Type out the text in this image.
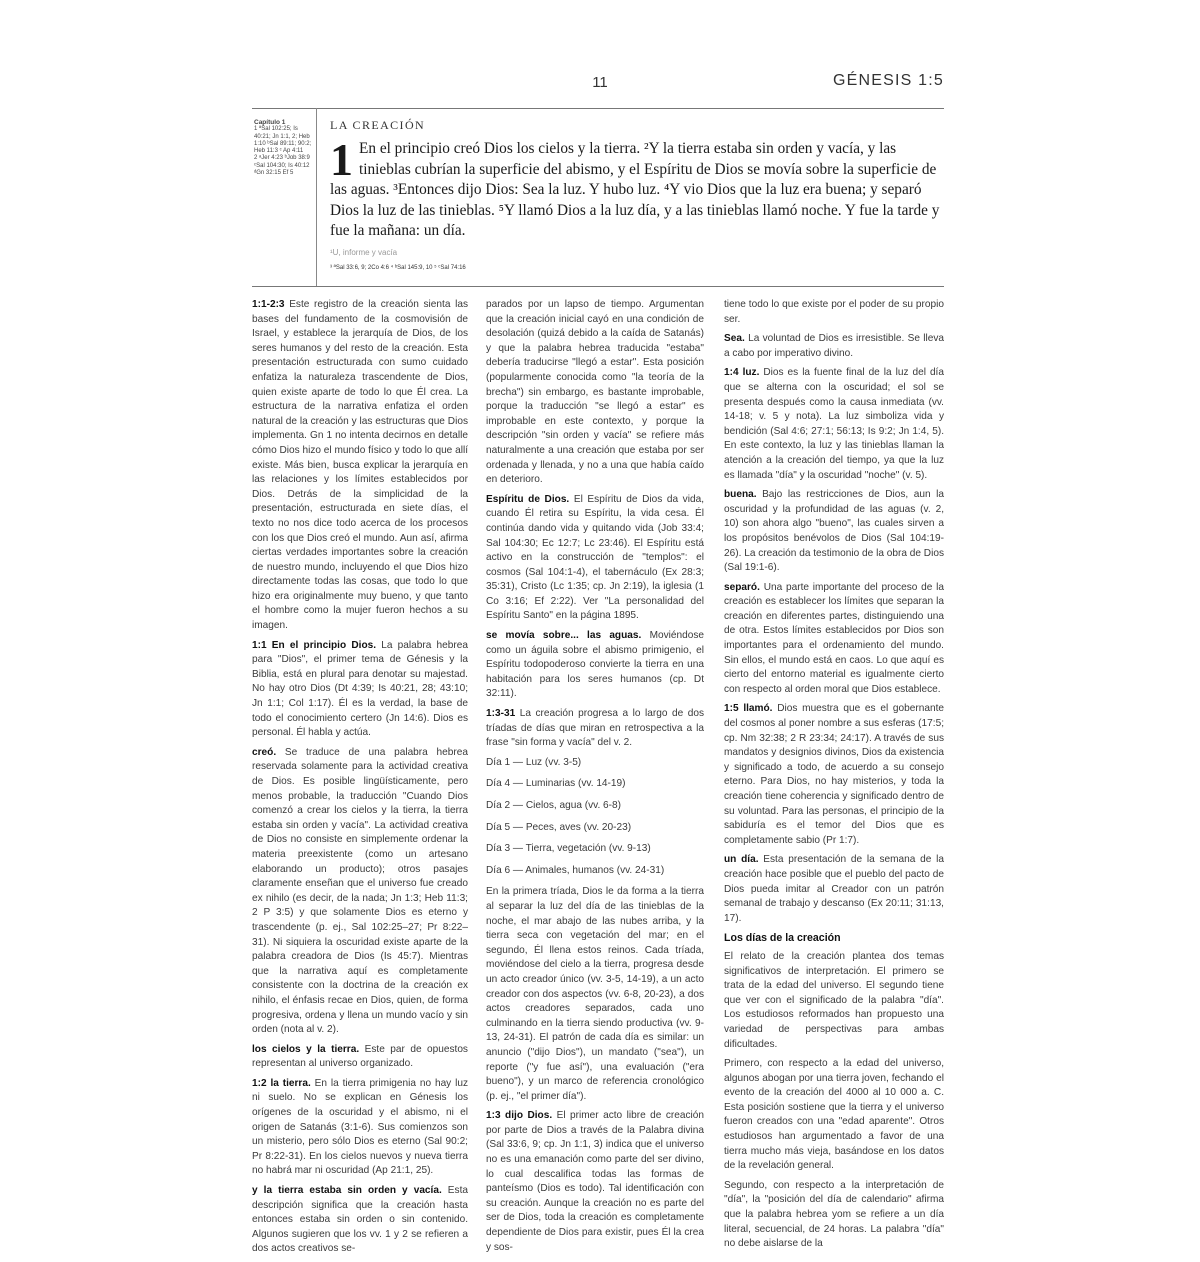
11	GÉNESIS 1:5
Capítulo 1
1 ªSal 102:25; Is 40:21; Jn 1:1, 2; Heb 1:10 ᵇSal 89:11; 90:2; Heb 11:3 ᶜ Ap 4:11
2 ᵃJer 4:23 ᵇJob 38:9 ᶜSal 104:30; Is 40:12 ᵈGn 32:15 Ef 5
LA CREACIÓN

1 En el principio creó Dios los cielos y la tierra. ²Y la tierra estaba sin orden y vacía, y las tinieblas cubrían la superficie del abismo, y el Espíritu de Dios se movía sobre la superficie de las aguas. ³Entonces dijo Dios: Sea la luz. Y hubo luz. ⁴Y vio Dios que la luz era buena; y separó Dios la luz de las tinieblas. ⁵Y llamó Dios a la luz día, y a las tinieblas llamó noche. Y fue la tarde y fue la mañana: un día.

¹U, informe y vacía
³ ªSal 33:6, 9; 2Co 4:6 ⁴ ᵇSal 145:9, 10 ⁵ ᶜSal 74:16

1:1-2:3 Este registro de la creación sienta las bases del fundamento de la cosmovisión de Israel, y establece la jerarquía de Dios, de los seres humanos y del resto de la creación. Esta presentación estructurada con sumo cuidado enfatiza la naturaleza trascendente de Dios, quien existe aparte de todo lo que Él crea. La estructura de la narrativa enfatiza el orden natural de la creación y las estructuras que Dios implementa. Gn 1 no intenta decirnos en detalle cómo Dios hizo el mundo físico y todo lo que allí existe. Más bien, busca explicar la jerarquía en las relaciones y los límites establecidos por Dios. Detrás de la simplicidad de la presentación, estructurada en siete días, el texto no nos dice todo acerca de los procesos con los que Dios creó el mundo. Aun así, afirma ciertas verdades importantes sobre la creación de nuestro mundo, incluyendo el que Dios hizo directamente todas las cosas, que todo lo que hizo era originalmente muy bueno, y que tanto el hombre como la mujer fueron hechos a su imagen.

1:1 En el principio Dios. La palabra hebrea para "Dios", el primer tema de Génesis y la Biblia, está en plural para denotar su majestad. No hay otro Dios (Dt 4:39; Is 40:21, 28; 43:10; Jn 1:1; Col 1:17). Él es la verdad, la base de todo el conocimiento certero (Jn 14:6). Dios es personal. Él habla y actúa.

creó. Se traduce de una palabra hebrea reservada solamente para la actividad creativa de Dios. Es posible lingüísticamente, pero menos probable, la traducción "Cuando Dios comenzó a crear los cielos y la tierra, la tierra estaba sin orden y vacía". La actividad creativa de Dios no consiste en simplemente ordenar la materia preexistente (como un artesano elaborando un producto); otros pasajes claramente enseñan que el universo fue creado ex nihilo (es decir, de la nada; Jn 1:3; Heb 11:3; 2 P 3:5) y que solamente Dios es eterno y trascendente (p. ej., Sal 102:25–27; Pr 8:22–31). Ni siquiera la oscuridad existe aparte de la palabra creadora de Dios (Is 45:7). Mientras que la narrativa aquí es completamente consistente con la doctrina de la creación ex nihilo, el énfasis recae en Dios, quien, de forma progresiva, ordena y llena un mundo vacío y sin orden (nota al v. 2).

los cielos y la tierra. Este par de opuestos representan al universo organizado.

1:2 la tierra. En la tierra primigenia no hay luz ni suelo. No se explican en Génesis los orígenes de la oscuridad y el abismo, ni el origen de Satanás (3:1-6). Sus comienzos son un misterio, pero sólo Dios es eterno (Sal 90:2; Pr 8:22-31). En los cielos nuevos y nueva tierra no habrá mar ni oscuridad (Ap 21:1, 25).

y la tierra estaba sin orden y vacía. Esta descripción significa que la creación hasta entonces estaba sin orden o sin contenido. Algunos sugieren que los vv. 1 y 2 se refieren a dos actos creativos se-

parados por un lapso de tiempo. Argumentan que la creación inicial cayó en una condición de desolación (quizá debido a la caída de Satanás) y que la palabra hebrea traducida "estaba" debería traducirse "llegó a estar". Esta posición (popularmente conocida como "la teoría de la brecha") sin embargo, es bastante improbable, porque la traducción "se llegó a estar" es improbable en este contexto, y porque la descripción "sin orden y vacía" se refiere más naturalmente a una creación que estaba por ser ordenada y llenada, y no a una que había caído en deterioro.

Espíritu de Dios. El Espíritu de Dios da vida, cuando Él retira su Espíritu, la vida cesa. Él continúa dando vida y quitando vida (Job 33:4; Sal 104:30; Ec 12:7; Lc 23:46). El Espíritu está activo en la construcción de "templos": el cosmos (Sal 104:1-4), el tabernáculo (Ex 28:3; 35:31), Cristo (Lc 1:35; cp. Jn 2:19), la iglesia (1 Co 3:16; Ef 2:22). Ver "La personalidad del Espíritu Santo" en la página 1895.

se movía sobre... las aguas. Moviéndose como un águila sobre el abismo primigenio, el Espíritu todopoderoso convierte la tierra en una habitación para los seres humanos (cp. Dt 32:11).

1:3-31 La creación progresa a lo largo de dos tríadas de días que miran en retrospectiva a la frase "sin forma y vacía" del v. 2.

Día 1 — Luz (vv. 3-5)
Día 4 — Luminarias (vv. 14-19)
Día 2 — Cielos, agua (vv. 6-8)
Día 5 — Peces, aves (vv. 20-23)
Día 3 — Tierra, vegetación (vv. 9-13)
Día 6 — Animales, humanos (vv. 24-31)

En la primera tríada, Dios le da forma a la tierra al separar la luz del día de las tinieblas de la noche, el mar abajo de las nubes arriba, y la tierra seca con vegetación del mar; en el segundo, Él llena estos reinos. Cada tríada, moviéndose del cielo a la tierra, progresa desde un acto creador único (vv. 3-5, 14-19), a un acto creador con dos aspectos (vv. 6-8, 20-23), a dos actos creadores separados, cada uno culminando en la tierra siendo productiva (vv. 9-13, 24-31). El patrón de cada día es similar: un anuncio ("dijo Dios"), un mandato ("sea"), un reporte ("y fue así"), una evaluación ("era bueno"), y un marco de referencia cronológico (p. ej., "el primer día").

1:3 dijo Dios. El primer acto libre de creación por parte de Dios a través de la Palabra divina (Sal 33:6, 9; cp. Jn 1:1, 3) indica que el universo no es una emanación como parte del ser divino, lo cual descalifica todas las formas de panteísmo (Dios es todo). Tal identificación con su creación. Aunque la creación no es parte del ser de Dios, toda la creación es completamente dependiente de Dios para existir, pues Él la crea y sos-

tiene todo lo que existe por el poder de su propio ser.

Sea. La voluntad de Dios es irresistible. Se lleva a cabo por imperativo divino.

1:4 luz. Dios es la fuente final de la luz del día que se alterna con la oscuridad; el sol se presenta después como la causa inmediata (vv. 14-18; v. 5 y nota). La luz simboliza vida y bendición (Sal 4:6; 27:1; 56:13; Is 9:2; Jn 1:4, 5). En este contexto, la luz y las tinieblas llaman la atención a la creación del tiempo, ya que la luz es llamada "día" y la oscuridad "noche" (v. 5).

buena. Bajo las restricciones de Dios, aun la oscuridad y la profundidad de las aguas (v. 2, 10) son ahora algo "bueno", las cuales sirven a los propósitos benévolos de Dios (Sal 104:19-26). La creación da testimonio de la obra de Dios (Sal 19:1-6).

separó. Una parte importante del proceso de la creación es establecer los límites que separan la creación en diferentes partes, distinguiendo una de otra. Estos límites establecidos por Dios son importantes para el ordenamiento del mundo. Sin ellos, el mundo está en caos. Lo que aquí es cierto del entorno material es igualmente cierto con respecto al orden moral que Dios establece.

1:5 llamó. Dios muestra que es el gobernante del cosmos al poner nombre a sus esferas (17:5; cp. Nm 32:38; 2 R 23:34; 24:17). A través de sus mandatos y designios divinos, Dios da existencia y significado a todo, de acuerdo a su consejo eterno. Para Dios, no hay misterios, y toda la creación tiene coherencia y significado dentro de su voluntad. Para las personas, el principio de la sabiduría es el temor del Dios que es completamente sabio (Pr 1:7).

un día. Esta presentación de la semana de la creación hace posible que el pueblo del pacto de Dios pueda imitar al Creador con un patrón semanal de trabajo y descanso (Ex 20:11; 31:13, 17).

Los días de la creación

El relato de la creación plantea dos temas significativos de interpretación. El primero se trata de la edad del universo. El segundo tiene que ver con el significado de la palabra "día". Los estudiosos reformados han propuesto una variedad de perspectivas para ambas dificultades.

Primero, con respecto a la edad del universo, algunos abogan por una tierra joven, fechando el evento de la creación del 4000 al 10 000 a. C. Esta posición sostiene que la tierra y el universo fueron creados con una "edad aparente". Otros estudiosos han argumentado a favor de una tierra mucho más vieja, basándose en los datos de la revelación general.

Segundo, con respecto a la interpretación de "día", la "posición del día de calendario" afirma que la palabra hebrea yom se refiere a un día literal, secuencial, de 24 horas. La palabra "día" no debe aislarse de la
